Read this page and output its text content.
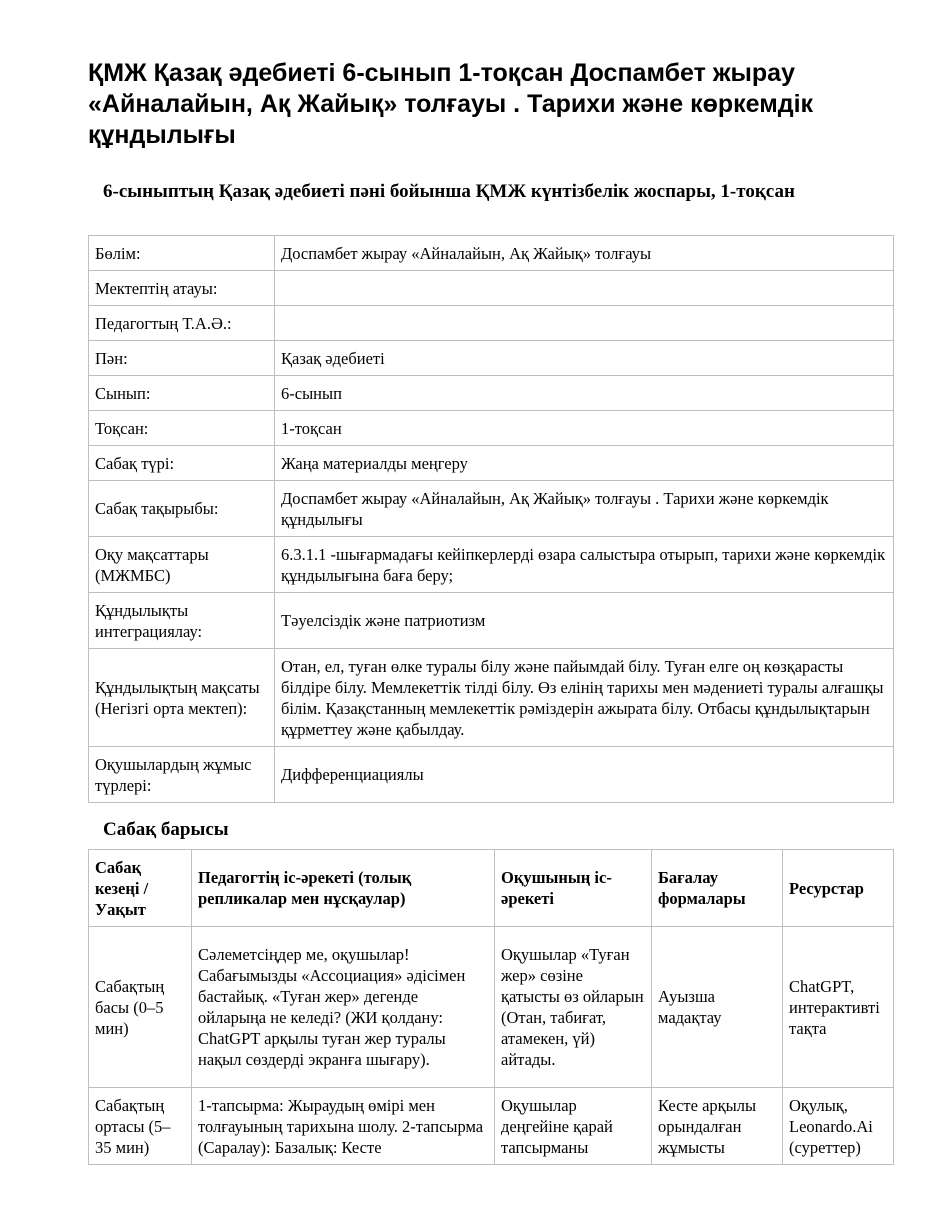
ҚМЖ Қазақ әдебиеті 6-сынып 1-тоқсан Доспамбет жырау «Айналайын, Ақ Жайық» толғауы . Тарихи және көркемдік құндылығы
6-сыныптың Қазақ әдебиеті пәні бойынша ҚМЖ күнтізбелік жоспары, 1-тоқсан
Бөлім:	Доспамбет жырау «Айналайын, Ақ Жайық» толғауы
Мектептің атауы:	
Педагогтың Т.А.Ә.:	
Пән:	Қазақ әдебиеті
Сынып:	6-сынып
Тоқсан:	1-тоқсан
Сабақ түрі:	Жаңа материалды меңгеру
Сабақ тақырыбы:	Доспамбет жырау «Айналайын, Ақ Жайық» толғауы . Тарихи және көркемдік құндылығы
Оқу мақсаттары (МЖМБС)	6.3.1.1 -шығармадағы кейіпкерлерді өзара салыстыра отырып, тарихи және көркемдік құндылығына баға беру;
Құндылықты интеграциялау:	Тәуелсіздік және патриотизм
Құндылықтың мақсаты (Негізгі орта мектеп):	Отан, ел, туған өлке туралы білу және пайымдай білу. Туған елге оң көзқарасты білдіре білу. Мемлекеттік тілді білу. Өз елінің тарихы мен мәдениеті туралы алғашқы білім. Қазақстанның мемлекеттік рәміздерін ажырата білу. Отбасы құндылықтарын құрметтеу және қабылдау.
Оқушылардың жұмыс түрлері:	Дифференциациялы
Сабақ барысы
Сабақ кезеңі / Уақыт	Педагогтің іс-әрекеті (толық репликалар мен нұсқаулар)	Оқушының іс-әрекеті	Бағалау формалары	Ресурстар
Сабақтың басы (0–5 мин)	Сәлеметсіңдер ме, оқушылар! Сабағымызды «Ассоциация» әдісімен бастайық. «Туған жер» дегенде ойларыңа не келеді? (ЖИ қолдану: ChatGPT арқылы туған жер туралы нақыл сөздерді экранға шығару).	Оқушылар «Туған жер» сөзіне қатысты өз ойларын (Отан, табиғат, атамекен, үй) айтады.	Ауызша мадақтау	ChatGPT, интерактивті тақта
Сабақтың ортасы (5–35 мин)	1-тапсырма: Жыраудың өмірі мен толғауының тарихына шолу. 2-тапсырма (Саралау): Базалық: Кесте	Оқушылар деңгейіне қарай тапсырманы	Кесте арқылы орындалған жұмысты	Оқулық, Leonardo.Ai (суреттер)
